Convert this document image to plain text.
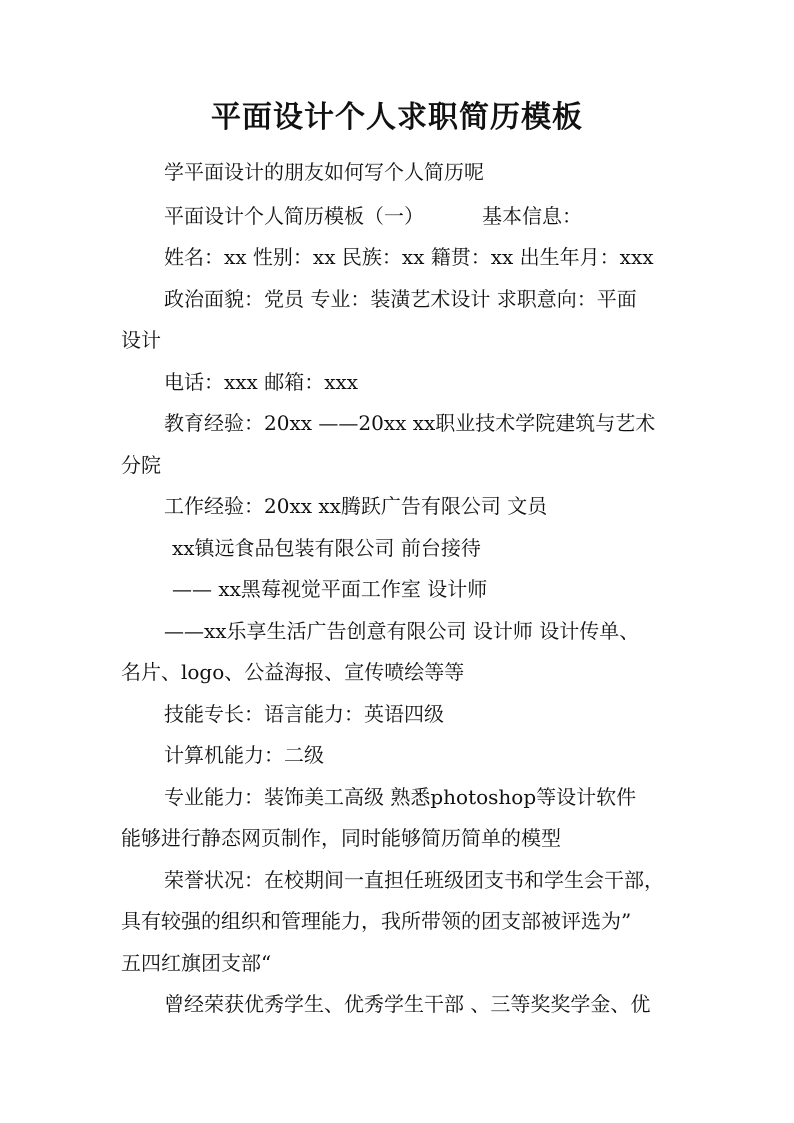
平面设计个人求职简历模板
学平面设计的朋友如何写个人简历呢
平面设计个人简历模板（一）	基本信息：
姓名：xx 性别：xx 民族：xx 籍贯：xx 出生年月：xxx
政治面貌：党员 专业：装潢艺术设计 求职意向：平面
设计
电话：xxx 邮箱：xxx
教育经验：20xx ——20xx xx职业技术学院建筑与艺术
分院
工作经验：20xx xx腾跃广告有限公司 文员
xx镇远食品包装有限公司 前台接待
—— xx黑莓视觉平面工作室 设计师
——xx乐享生活广告创意有限公司 设计师 设计传单、
名片、logo、公益海报、宣传喷绘等等
技能专长：语言能力：英语四级
计算机能力：二级
专业能力：装饰美工高级 熟悉photoshop等设计软件
能够进行静态网页制作，同时能够简历简单的模型
荣誉状况：在校期间一直担任班级团支书和学生会干部，
具有较强的组织和管理能力，我所带领的团支部被评选为”
五四红旗团支部“
曾经荣获优秀学生、优秀学生干部 、三等奖奖学金、优
